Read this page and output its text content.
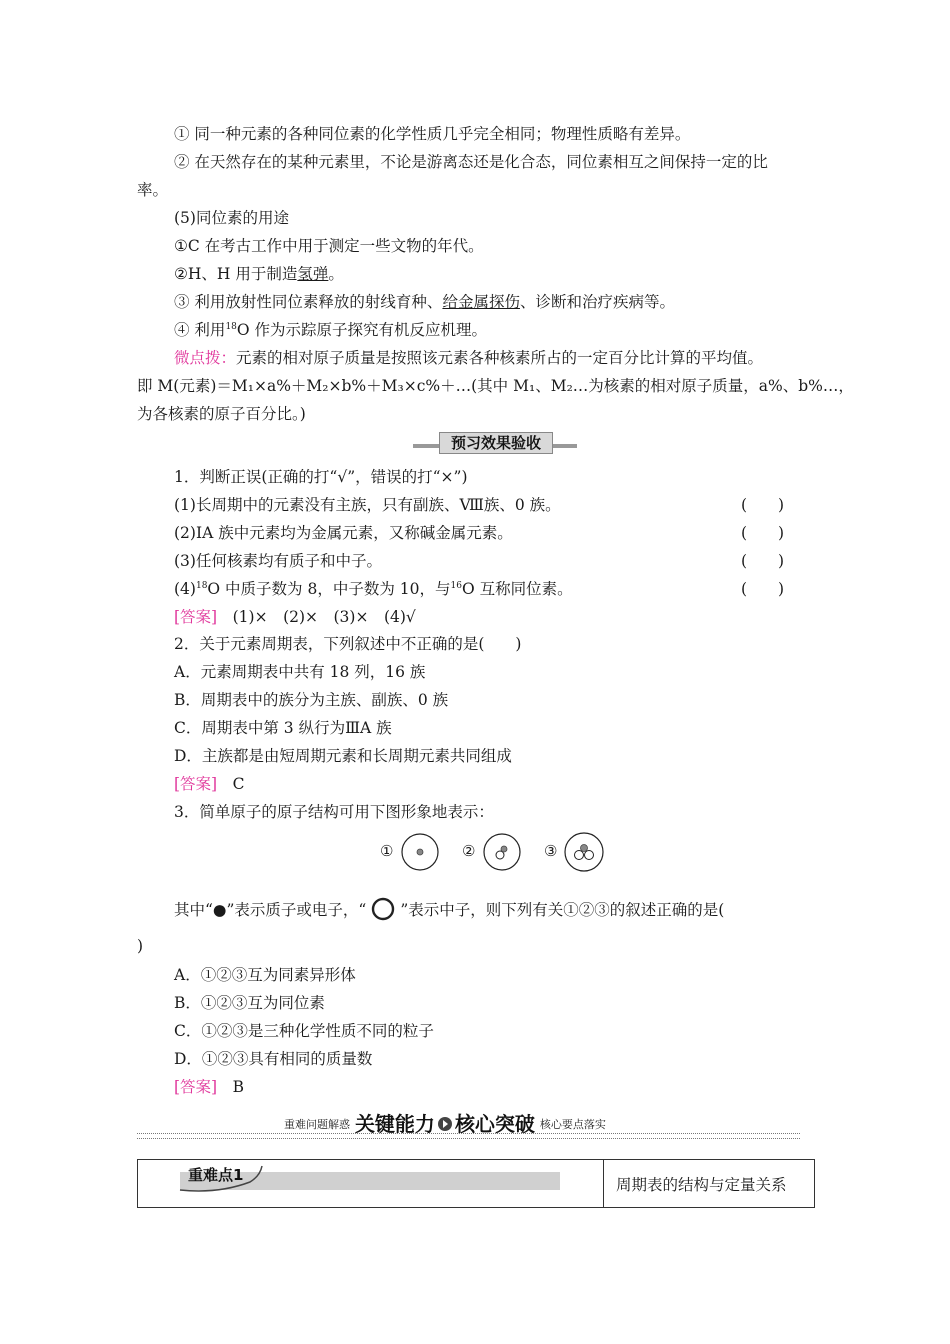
① 同一种元素的各种同位素的化学性质几乎完全相同；物理性质略有差异。
② 在天然存在的某种元素里，不论是游离态还是化合态，同位素相互之间保持一定的比
率。
(5)同位素的用途
①C 在考古工作中用于测定一些文物的年代。
②H、H 用于制造氢弹。
③ 利用放射性同位素释放的射线育种、给金属探伤、诊断和治疗疾病等。
④ 利用$^{18}$O 作为示踪原子探究有机反应机理。
微点拨：元素的相对原子质量是按照该元素各种核素所占的一定百分比计算的平均值。
即 M(元素)＝M₁×a%＋M₂×b%＋M₃×c%＋…(其中 M₁、M₂…为核素的相对原子质量，a%、b%…，
为各核素的原子百分比。)
预习效果验收
1．判断正误(正确的打“√”，错误的打“×”)
(1)长周期中的元素没有主族，只有副族、Ⅷ族、0 族。	(　　)
(2)ⅠA 族中元素均为金属元素，又称碱金属元素。	(　　)
(3)任何核素均有质子和中子。	(　　)
$(4)^{18}O$ 中质子数为 8，中子数为 10，与$^{16}$O 互称同位素。	(　　)
[答案]　 (1)×　(2)×　(3)×　(4)√
2．关于元素周期表，下列叙述中不正确的是(　　)
A．元素周期表中共有 18 列，16 族
B．周期表中的族分为主族、副族、0 族
C．周期表中第 3 纵行为ⅢA 族
D．主族都是由短周期元素和长周期元素共同组成
[答案]　 C
3．简单原子的原子结构可用下图形象地表示：
①	②	③
其中“●”表示质子或电子，“ ”表示中子，则下列有关①②③的叙述正确的是(
)
A．①②③互为同素异形体
B．①②③互为同位素
C．①②③是三种化学性质不同的粒子
D．①②③具有相同的质量数
[答案]　 B
重难问题解惑 关键能力 核心突破 核心要点落实
重难点1
周期表的结构与定量关系
